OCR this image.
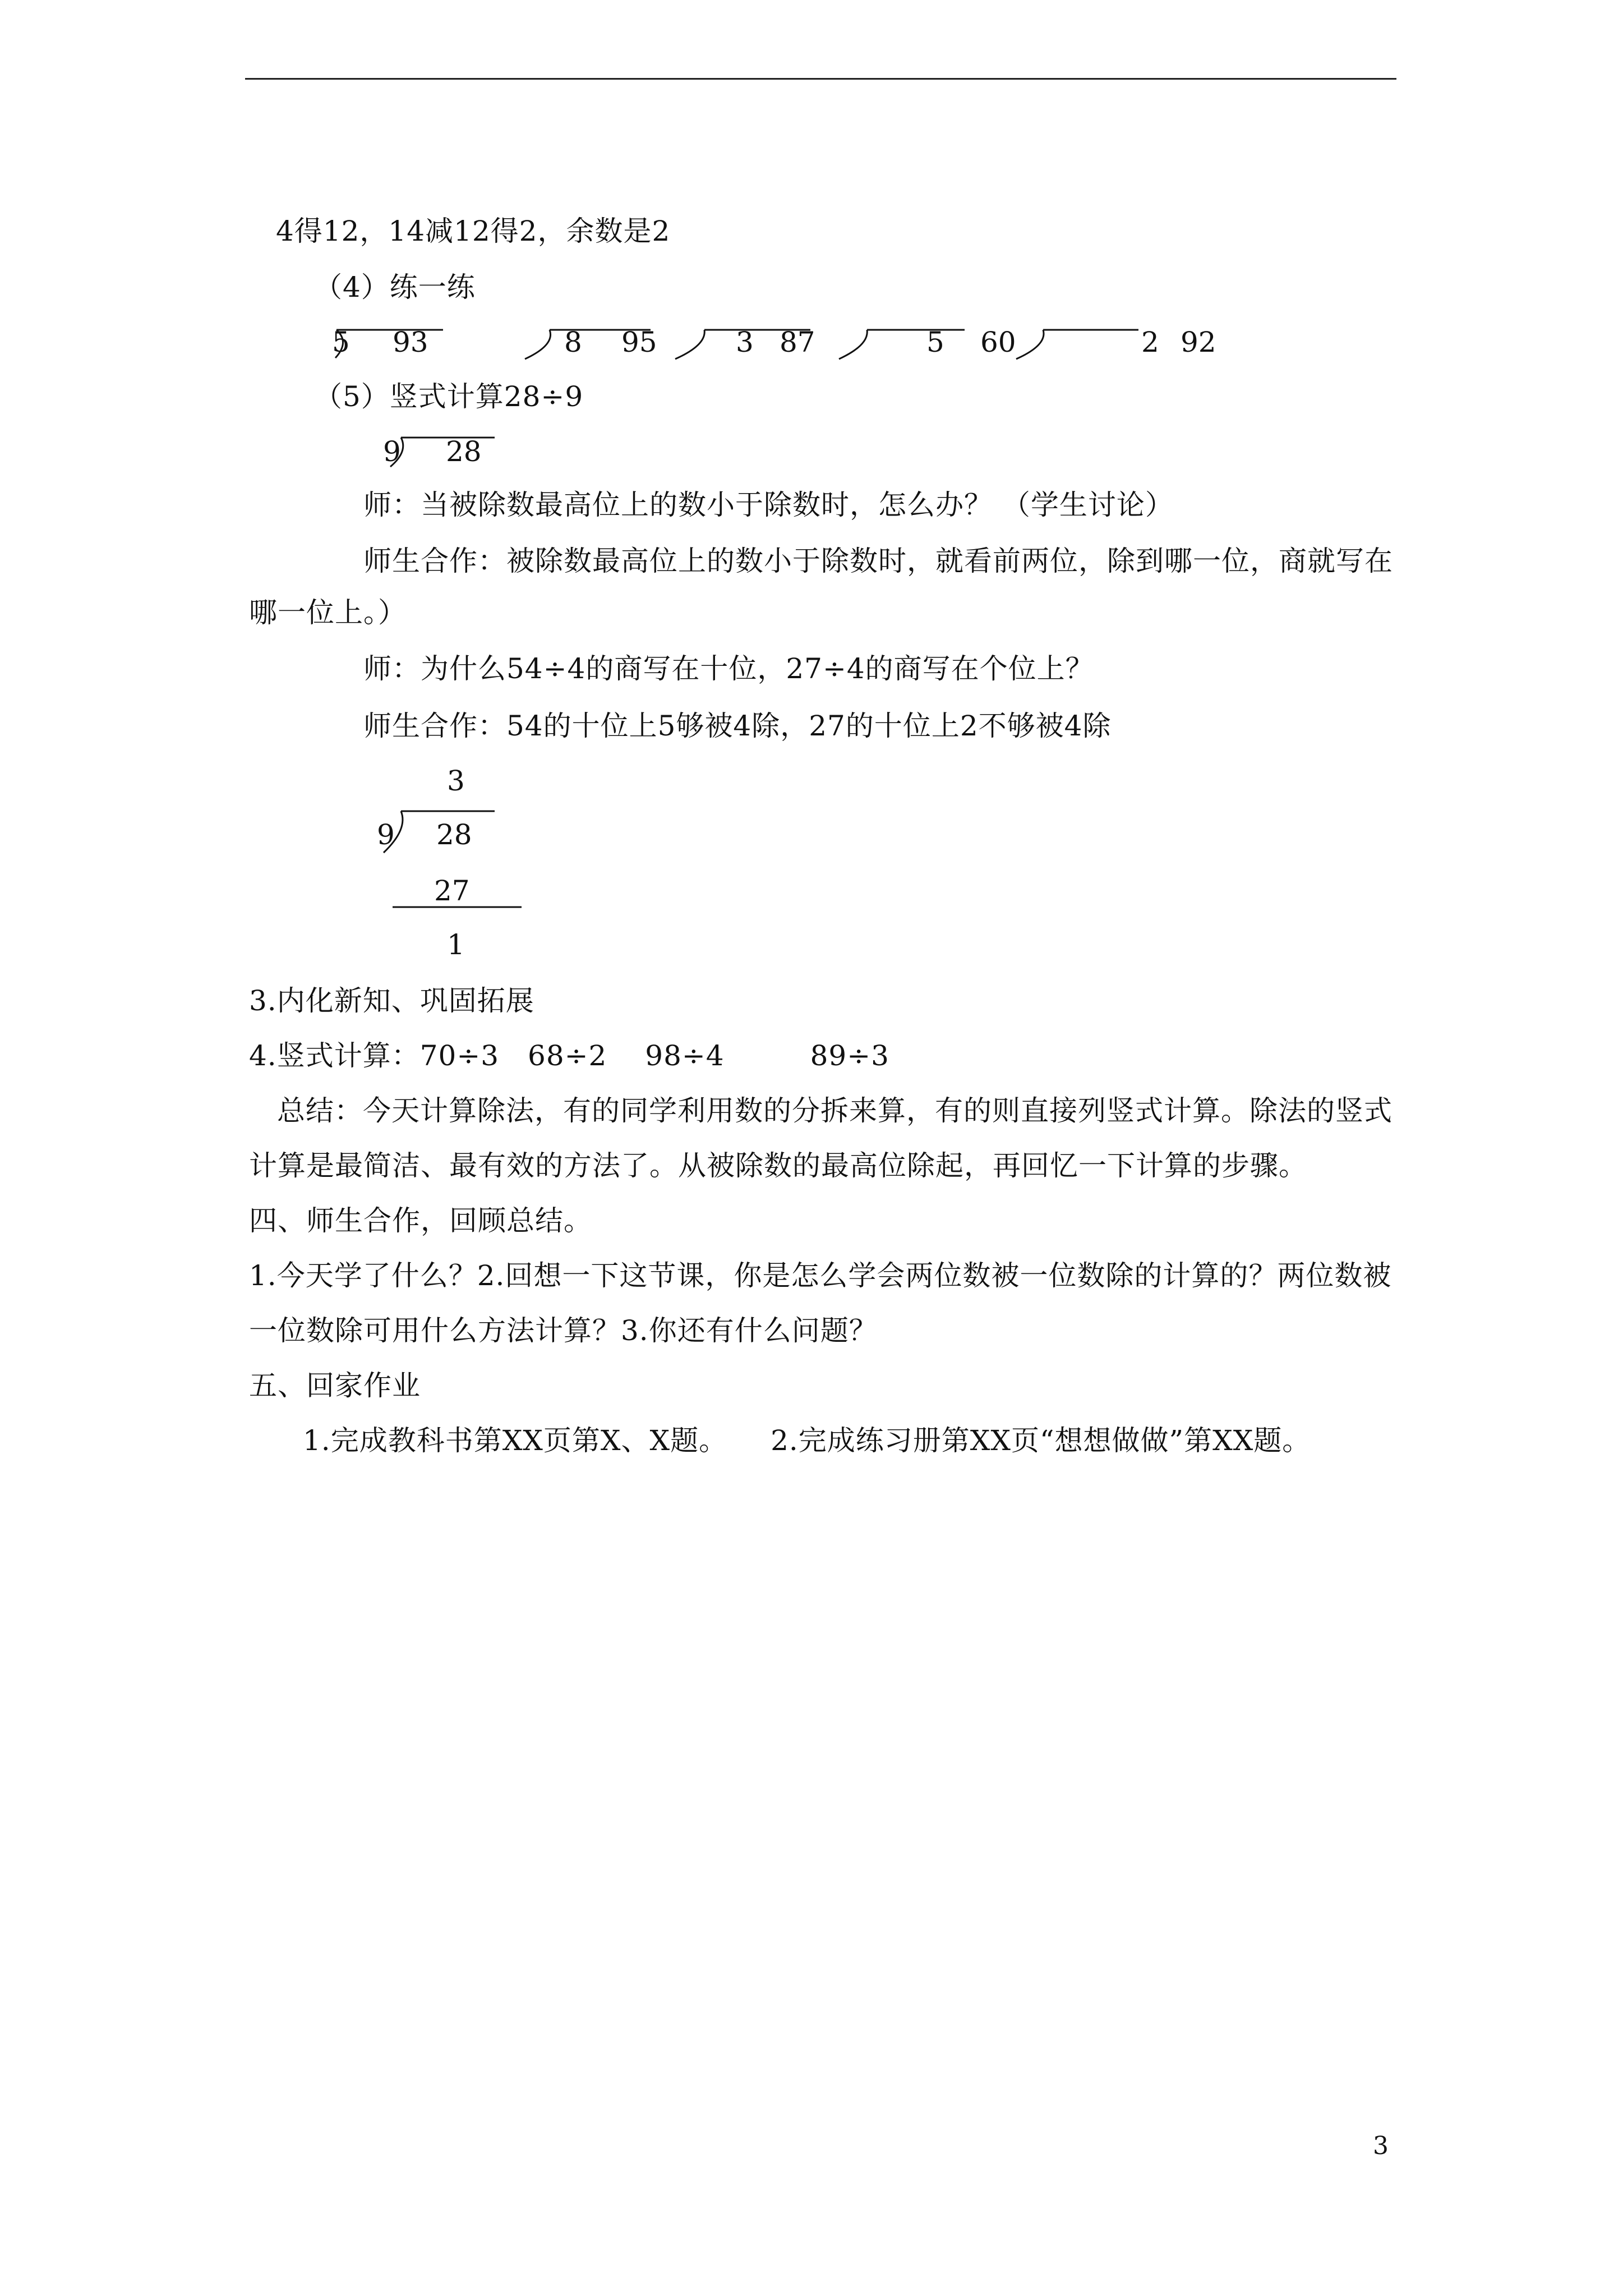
4得12，14减12得2，余数是2
（4）练一练
5 93	8 95	3 87	5 60	2 92
（5）竖式计算28÷9
9 28
师：当被除数最高位上的数小于除数时，怎么办？ （学生讨论）
师生合作：被除数最高位上的数小于除数时，就看前两位，除到哪一位，商就写在
哪一位上。）
师：为什么54÷4的商写在十位，27÷4的商写在个位上？
师生合作：54的十位上5够被4除，27的十位上2不够被4除
3
9 28
27
1
3.内化新知、巩固拓展
4.竖式计算：70÷3　68÷2　 98÷4　　　89÷3
总结：今天计算除法，有的同学利用数的分拆来算，有的则直接列竖式计算。除法的竖式
计算是最简洁、最有效的方法了。从被除数的最高位除起，再回忆一下计算的步骤。
四、师生合作，回顾总结。
1.今天学了什么？2.回想一下这节课，你是怎么学会两位数被一位数除的计算的？两位数被
一位数除可用什么方法计算？3.你还有什么问题？
五、回家作业
1.完成教科书第XX页第X、X题。　　2.完成练习册第XX页“想想做做”第XX题。
3
